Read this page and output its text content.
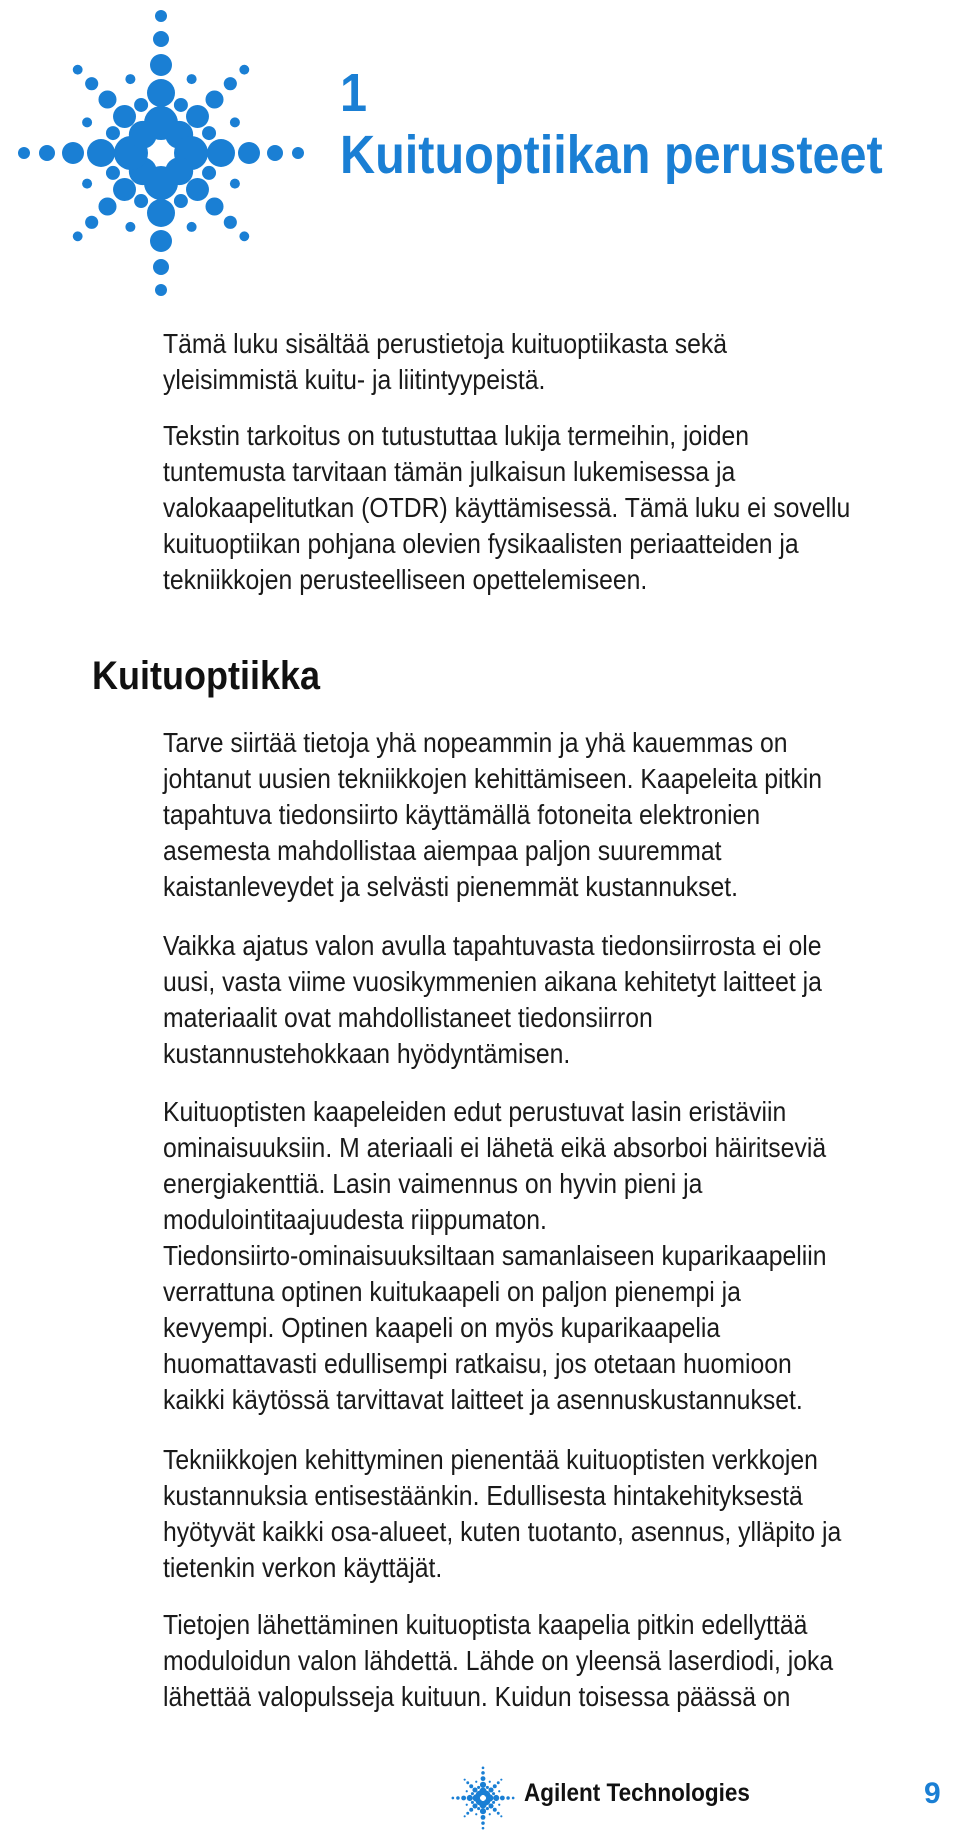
1
Kuituoptiikan perusteet

Tämä luku sisältää perustietoja kuituoptiikasta sekä

yleisimmistä kuitu- ja liitintyypeistä.

Tekstin tarkoitus on tutustuttaa lukija termeihin, joiden

tuntemusta tarvitaan tämän julkaisun lukemisessa ja

valokaapelitutkan (OTDR) käyttämisessä. Tämä luku ei sovellu

kuituoptiikan pohjana olevien fysikaalisten periaatteiden ja

tekniikkojen perusteelliseen opettelemiseen.

Kuituoptiikka

Tarve siirtää tietoja yhä nopeammin ja yhä kauemmas on

johtanut uusien tekniikkojen kehittämiseen. Kaapeleita pitkin

tapahtuva tiedonsiirto käyttämällä fotoneita elektronien

asemesta mahdollistaa aiempaa paljon suuremmat

kaistanleveydet ja selvästi pienemmät kustannukset.

Vaikka ajatus valon avulla tapahtuvasta tiedonsiirrosta ei ole

uusi, vasta viime vuosikymmenien aikana kehitetyt laitteet ja

materiaalit ovat mahdollistaneet tiedonsiirron

kustannustehokkaan hyödyntämisen.

Kuituoptisten kaapeleiden edut perustuvat lasin eristäviin

ominaisuuksiin. M ateriaali ei lähetä eikä absorboi häiritseviä

energiakenttiä. Lasin vaimennus on hyvin pieni ja

modulointitaajuudesta riippumaton.

Tiedonsiirto-ominaisuuksiltaan samanlaiseen kuparikaapeliin

verrattuna optinen kuitukaapeli on paljon pienempi ja

kevyempi. Optinen kaapeli on myös kuparikaapelia

huomattavasti edullisempi ratkaisu, jos otetaan huomioon

kaikki käytössä tarvittavat laitteet ja asennuskustannukset.

Tekniikkojen kehittyminen pienentää kuituoptisten verkkojen

kustannuksia entisestäänkin. Edullisesta hintakehityksestä

hyötyvät kaikki osa-alueet, kuten tuotanto, asennus, ylläpito ja

tietenkin verkon käyttäjät.

Tietojen lähettäminen kuituoptista kaapelia pitkin edellyttää

moduloidun valon lähdettä. Lähde on yleensä laserdiodi, joka

lähettää valopulsseja kuituun. Kuidun toisessa päässä on

Agilent Technologies	9
